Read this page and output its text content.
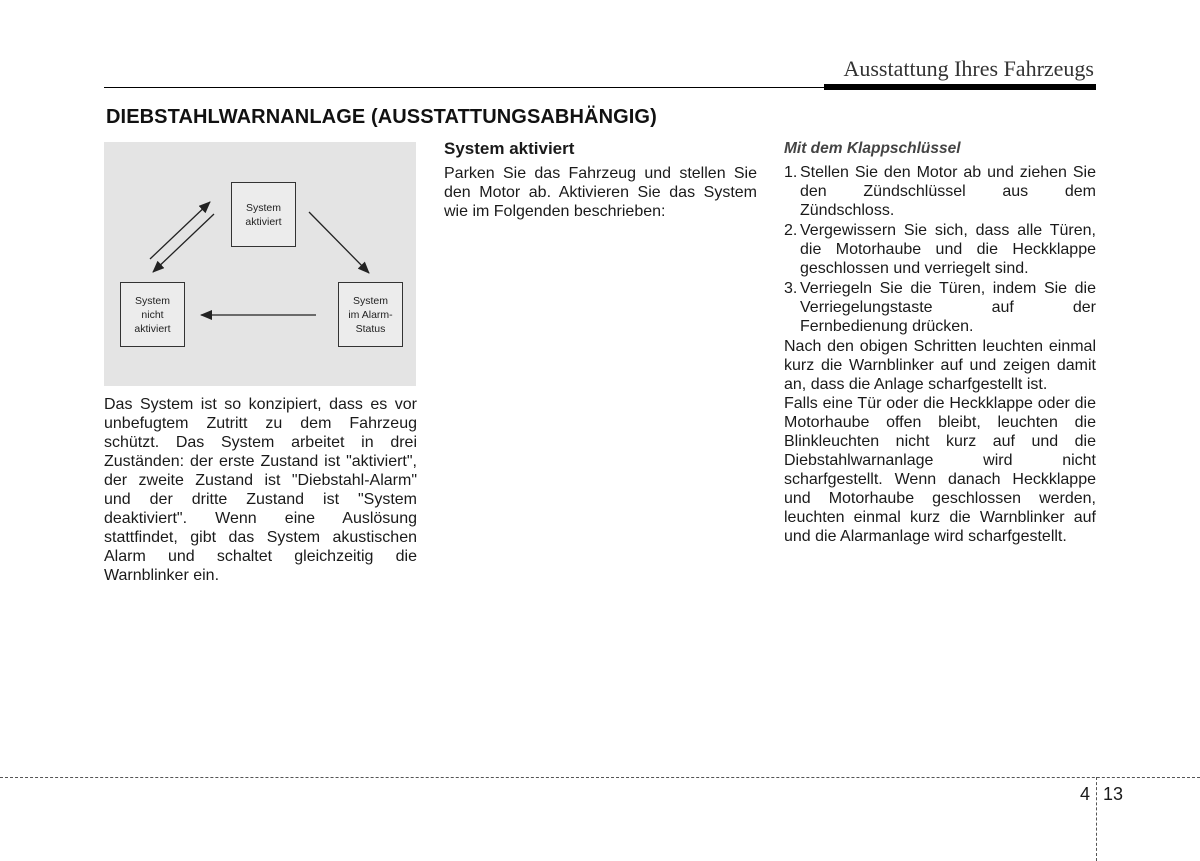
Ausstattung Ihres Fahrzeugs
DIEBSTAHLWARNANLAGE (AUSSTATTUNGSABHÄNGIG)
System
aktiviert
System
nicht
aktiviert
System
im Alarm-
Status

Das System ist so konzipiert, dass es vor unbefugtem Zutritt zu dem Fahrzeug schützt. Das System arbeitet in drei Zuständen: der erste Zustand ist "aktiviert", der zweite Zustand ist "Diebstahl-Alarm" und der dritte Zustand ist "System deaktiviert". Wenn eine Auslösung stattfindet, gibt das System akustischen Alarm und schaltet gleichzeitig die Warnblinker ein.

System aktiviert

Parken Sie das Fahrzeug und stellen Sie den Motor ab. Aktivieren Sie das System wie im Folgenden beschrieben:

Mit dem Klappschlüssel
1. Stellen Sie den Motor ab und ziehen Sie den Zündschlüssel aus dem Zündschloss.
2. Vergewissern Sie sich, dass alle Türen, die Motorhaube und die Heckklappe geschlossen und verriegelt sind.
3. Verriegeln Sie die Türen, indem Sie die Verriegelungstaste auf der Fernbedienung drücken.

Nach den obigen Schritten leuchten einmal kurz die Warnblinker auf und zeigen damit an, dass die Anlage scharfgestellt ist.

Falls eine Tür oder die Heckklappe oder die Motorhaube offen bleibt, leuchten die Blinkleuchten nicht kurz auf und die Diebstahlwarnanlage wird nicht scharfgestellt. Wenn danach Heckklappe und Motorhaube geschlossen werden, leuchten einmal kurz die Warnblinker auf und die Alarmanlage wird scharfgestellt.

4 13
